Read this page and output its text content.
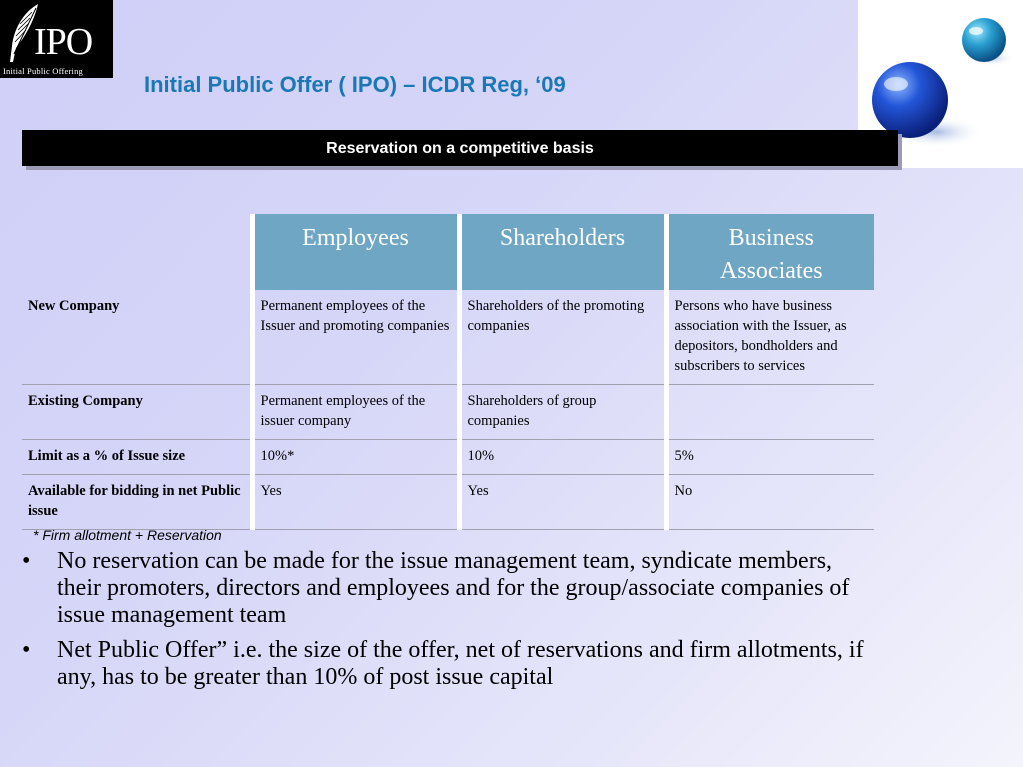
IPO
Initial Public Offering
Initial Public Offer ( IPO) – ICDR Reg, ‘09
Reservation on a competitive basis
	Employees	Shareholders	Business Associates
New Company	Permanent employees of the Issuer and promoting companies	Shareholders of the promoting companies	Persons who have business association with the Issuer, as depositors, bondholders and subscribers to services
Existing Company	Permanent employees of the issuer company	Shareholders of group companies	
Limit as a % of Issue size	10%*	10%	5%
Available for bidding in net Public issue	Yes	Yes	No
* Firm allotment + Reservation
• No reservation can be made for the issue management team, syndicate members, their promoters, directors and employees and for the group/associate companies of issue management team
• Net Public Offer” i.e. the size of the offer, net of reservations and firm allotments, if any, has to be greater than 10% of post issue capital
